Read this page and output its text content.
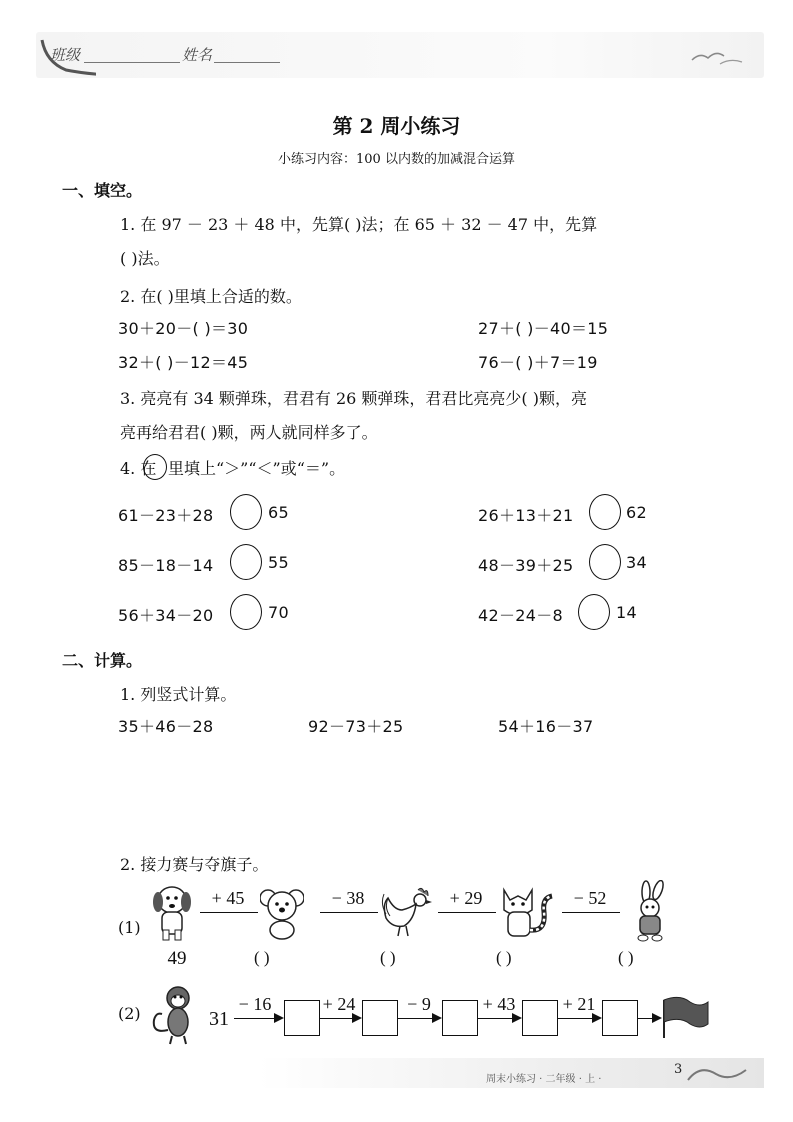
班级	姓名
第 2 周小练习
小练习内容：100 以内数的加减混合运算
一、填空。
1. 在 97 － 23 ＋ 48 中，先算( )法；在 65 ＋ 32 － 47 中，先算
( )法。
2. 在( )里填上合适的数。
30＋20－( )＝30	27＋( )－40＝15
32＋( )－12＝45	76－( )＋7＝19
3. 亮亮有 34 颗弹珠，君君有 26 颗弹珠，君君比亮亮少( )颗，亮
亮再给君君( )颗，两人就同样多了。
4. 在 里填上“＞”“＜”或“＝”。
61－23＋28	65	26＋13＋21	62
85－18－14	55	48－39＋25	34
56＋34－20	70	42－24－8	14
二、计算。
1. 列竖式计算。
35＋46－28	92－73＋25	54＋16－37
2. 接力赛与夺旗子。
(1)
+ 45	− 38	+ 29	− 52
49	( )	( )	( )	( )
(2)	31
− 16	+ 24	− 9	+ 43	+ 21
周末小练习 · 二年级 · 上 ·
3
